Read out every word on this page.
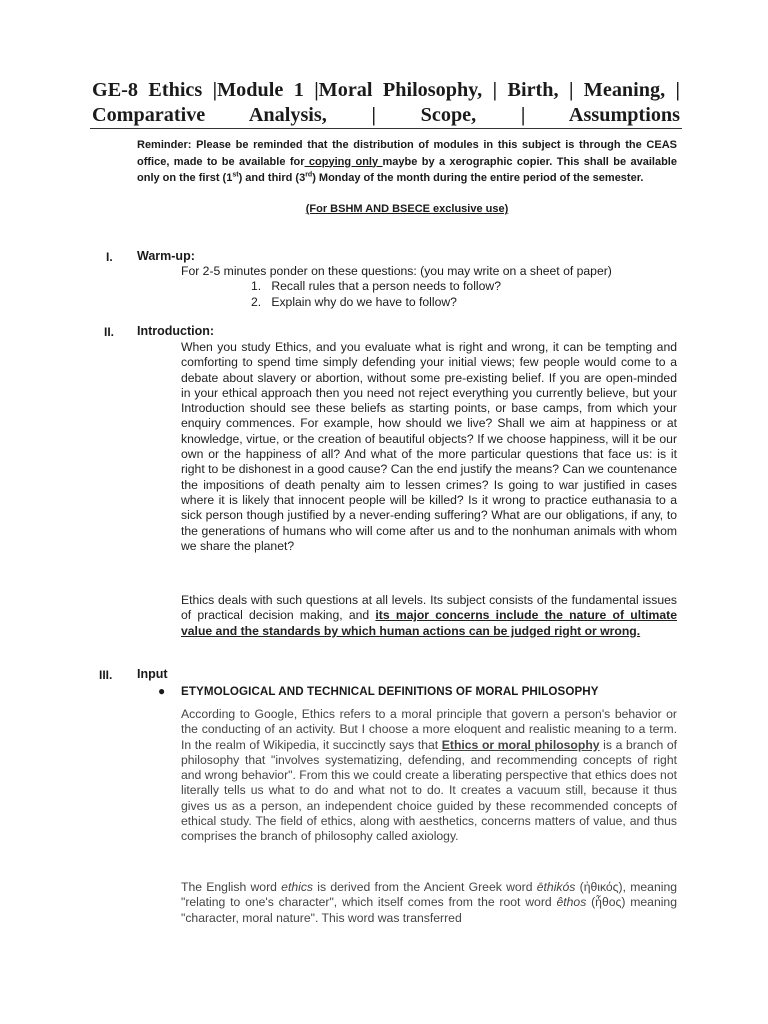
GE-8 Ethics |Module 1 |Moral Philosophy, | Birth, | Meaning, | Comparative Analysis, | Scope, | Assumptions

Reminder: Please be reminded that the distribution of modules in this subject is through the CEAS office, made to be available for copying only maybe by a xerographic copier. This shall be available only on the first (1st) and third (3rd) Monday of the month during the entire period of the semester.

(For BSHM AND BSECE exclusive use)

I. Warm-up:
For 2-5 minutes ponder on these questions: (you may write on a sheet of paper)
1.   Recall rules that a person needs to follow?
2.   Explain why do we have to follow?
II. Introduction:

When you study Ethics, and you evaluate what is right and wrong, it can be tempting and comforting to spend time simply defending your initial views; few people would come to a debate about slavery or abortion, without some pre-existing belief. If you are open-minded in your ethical approach then you need not reject everything you currently believe, but your Introduction should see these beliefs as starting points, or base camps, from which your enquiry commences. For example, how should we live? Shall we aim at happiness or at knowledge, virtue, or the creation of beautiful objects? If we choose happiness, will it be our own or the happiness of all? And what of the more particular questions that face us: is it right to be dishonest in a good cause? Can the end justify the means? Can we countenance the impositions of death penalty aim to lessen crimes? Is going to war justified in cases where it is likely that innocent people will be killed? Is it wrong to practice euthanasia to a sick person though justified by a never-ending suffering? What are our obligations, if any, to the generations of humans who will come after us and to the nonhuman animals with whom we share the planet?

Ethics deals with such questions at all levels. Its subject consists of the fundamental issues of practical decision making, and its major concerns include the nature of ultimate value and the standards by which human actions can be judged right or wrong.

III. Input
● ETYMOLOGICAL AND TECHNICAL DEFINITIONS OF MORAL PHILOSOPHY

According to Google, Ethics refers to a moral principle that govern a person's behavior or the conducting of an activity. But I choose a more eloquent and realistic meaning to a term. In the realm of Wikipedia, it succinctly says that Ethics or moral philosophy is a branch of philosophy that "involves systematizing, defending, and recommending concepts of right and wrong behavior". From this we could create a liberating perspective that ethics does not literally tells us what to do and what not to do. It creates a vacuum still, because it thus gives us as a person, an independent choice guided by these recommended concepts of ethical study. The field of ethics, along with aesthetics, concerns matters of value, and thus comprises the branch of philosophy called axiology.

The English word ethics is derived from the Ancient Greek word ēthikós (ἠθικός), meaning "relating to one's character", which itself comes from the root word êthos (ἦθος) meaning "character, moral nature". This word was transferred
